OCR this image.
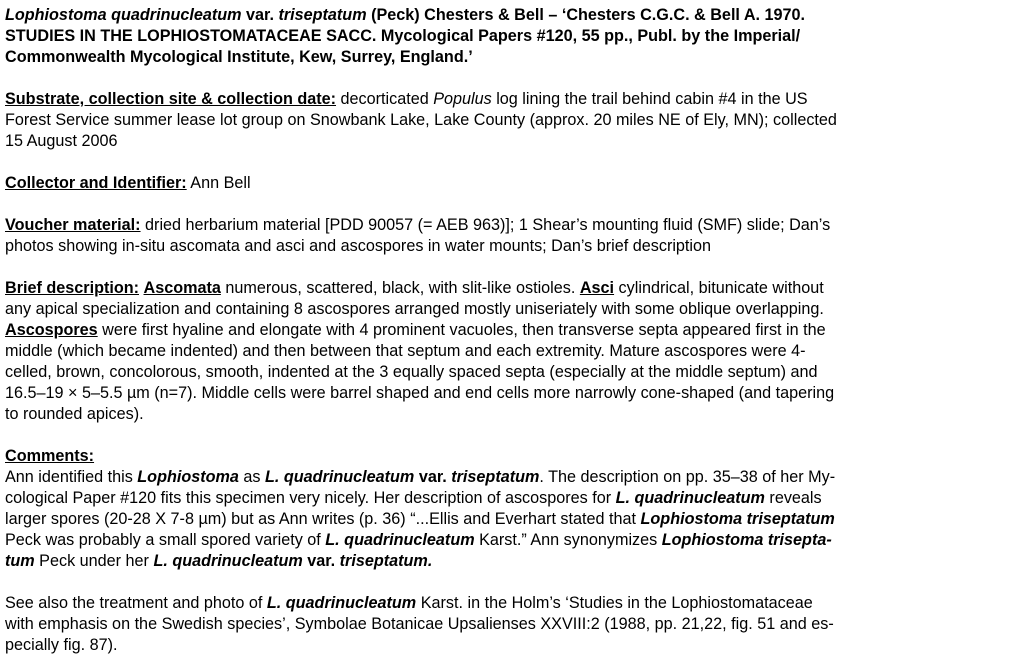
Lophiostoma quadrinucleatum var. triseptatum (Peck) Chesters & Bell – ‘Chesters C.G.C. & Bell A. 1970.
STUDIES IN THE LOPHIOSTOMATACEAE SACC. Mycological Papers #120, 55 pp., Publ. by the Imperial/
Commonwealth Mycological Institute, Kew, Surrey, England.’
Substrate, collection site & collection date: decorticated Populus log lining the trail behind cabin #4 in the US
Forest Service summer lease lot group on Snowbank Lake, Lake County (approx. 20 miles NE of Ely, MN); collected
15 August 2006
Collector and Identifier: Ann Bell
Voucher material: dried herbarium material [PDD 90057 (= AEB 963)]; 1 Shear’s mounting fluid (SMF) slide; Dan’s
photos showing in-situ ascomata and asci and ascospores in water mounts; Dan’s brief description
Brief description: Ascomata numerous, scattered, black, with slit-like ostioles. Asci cylindrical, bitunicate without
any apical specialization and containing 8 ascospores arranged mostly uniseriately with some oblique overlapping.
Ascospores were first hyaline and elongate with 4 prominent vacuoles, then transverse septa appeared first in the
middle (which became indented) and then between that septum and each extremity. Mature ascospores were 4-
celled, brown, concolorous, smooth, indented at the 3 equally spaced septa (especially at the middle septum) and
16.5–19 × 5–5.5 µm (n=7). Middle cells were barrel shaped and end cells more narrowly cone-shaped (and tapering
to rounded apices).
Comments:
Ann identified this Lophiostoma as L. quadrinucleatum var. triseptatum. The description on pp. 35–38 of her My-
cological Paper #120 fits this specimen very nicely. Her description of ascospores for L. quadrinucleatum reveals
larger spores (20-28 X 7-8 µm) but as Ann writes (p. 36) “...Ellis and Everhart stated that Lophiostoma triseptatum
Peck was probably a small spored variety of L. quadrinucleatum Karst.” Ann synonymizes Lophiostoma trisepta-
tum Peck under her L. quadrinucleatum var. triseptatum.
See also the treatment and photo of L. quadrinucleatum Karst. in the Holm’s ‘Studies in the Lophiostomataceae
with emphasis on the Swedish species’, Symbolae Botanicae Upsalienses XXVIII:2 (1988, pp. 21,22, fig. 51 and es-
pecially fig. 87).
